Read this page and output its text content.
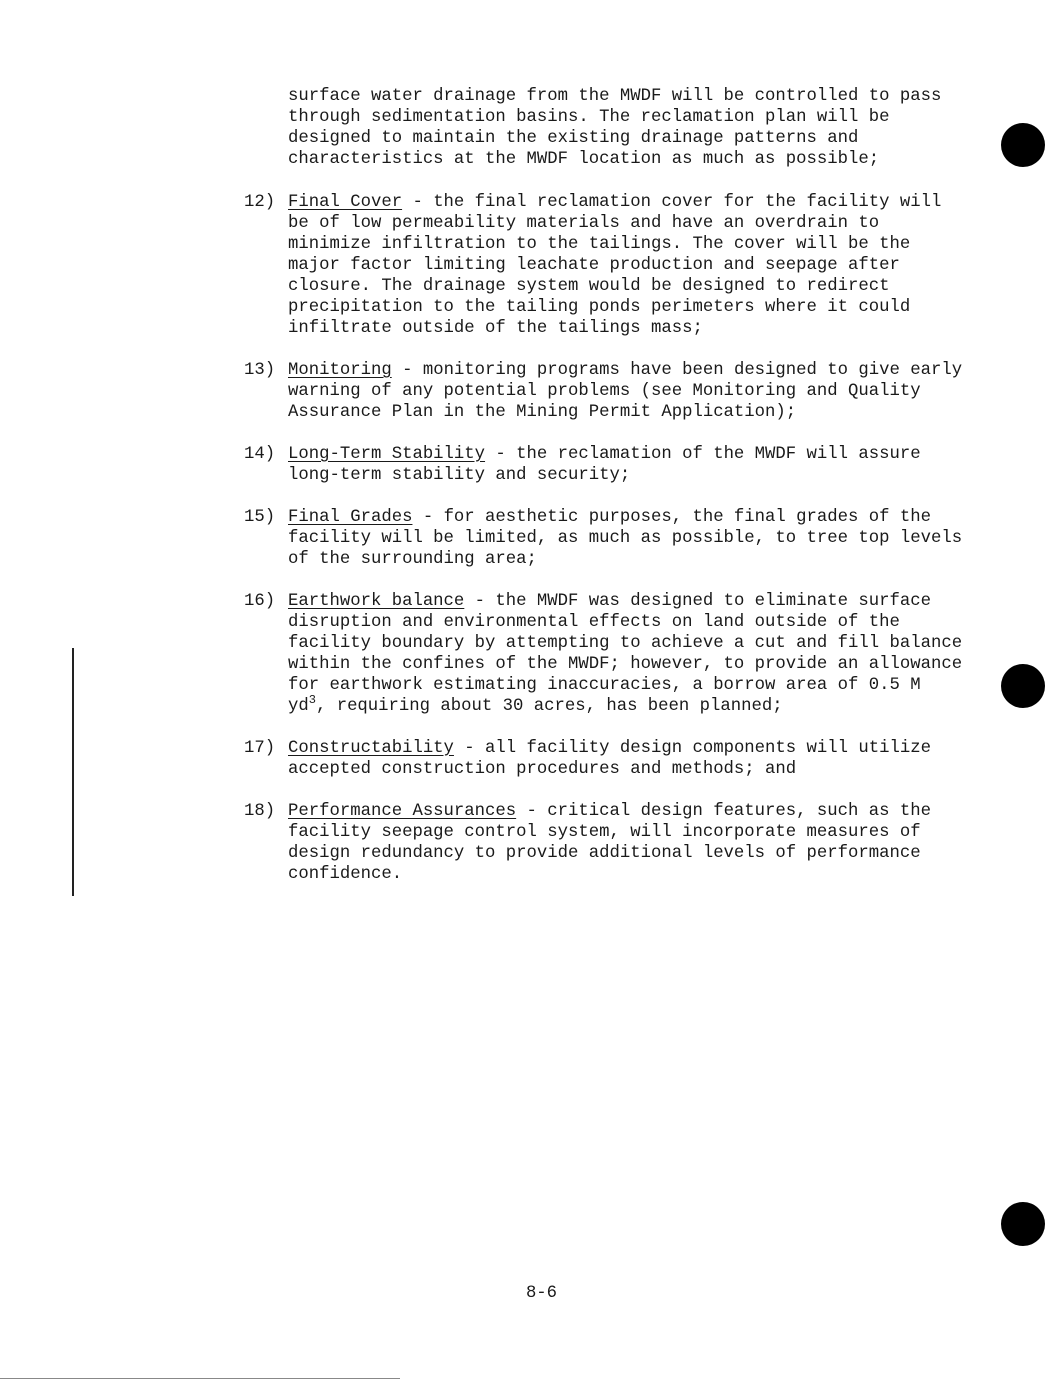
surface water drainage from the MWDF will be controlled to pass through sedimentation basins. The reclamation plan will be designed to maintain the existing drainage patterns and characteristics at the MWDF location as much as possible;
12) Final Cover - the final reclamation cover for the facility will be of low permeability materials and have an overdrain to minimize infiltration to the tailings. The cover will be the major factor limiting leachate production and seepage after closure. The drainage system would be designed to redirect precipitation to the tailing ponds perimeters where it could infiltrate outside of the tailings mass;
13) Monitoring - monitoring programs have been designed to give early warning of any potential problems (see Monitoring and Quality Assurance Plan in the Mining Permit Application);
14) Long-Term Stability - the reclamation of the MWDF will assure long-term stability and security;
15) Final Grades - for aesthetic purposes, the final grades of the facility will be limited, as much as possible, to tree top levels of the surrounding area;
16) Earthwork balance - the MWDF was designed to eliminate surface disruption and environmental effects on land outside of the facility boundary by attempting to achieve a cut and fill balance within the confines of the MWDF; however, to provide an allowance for earthwork estimating inaccuracies, a borrow area of 0.5 M $yd^3$, requiring about 30 acres, has been planned;
17) Constructability - all facility design components will utilize accepted construction procedures and methods; and
18) Performance Assurances - critical design features, such as the facility seepage control system, will incorporate measures of design redundancy to provide additional levels of performance confidence.
8-6
